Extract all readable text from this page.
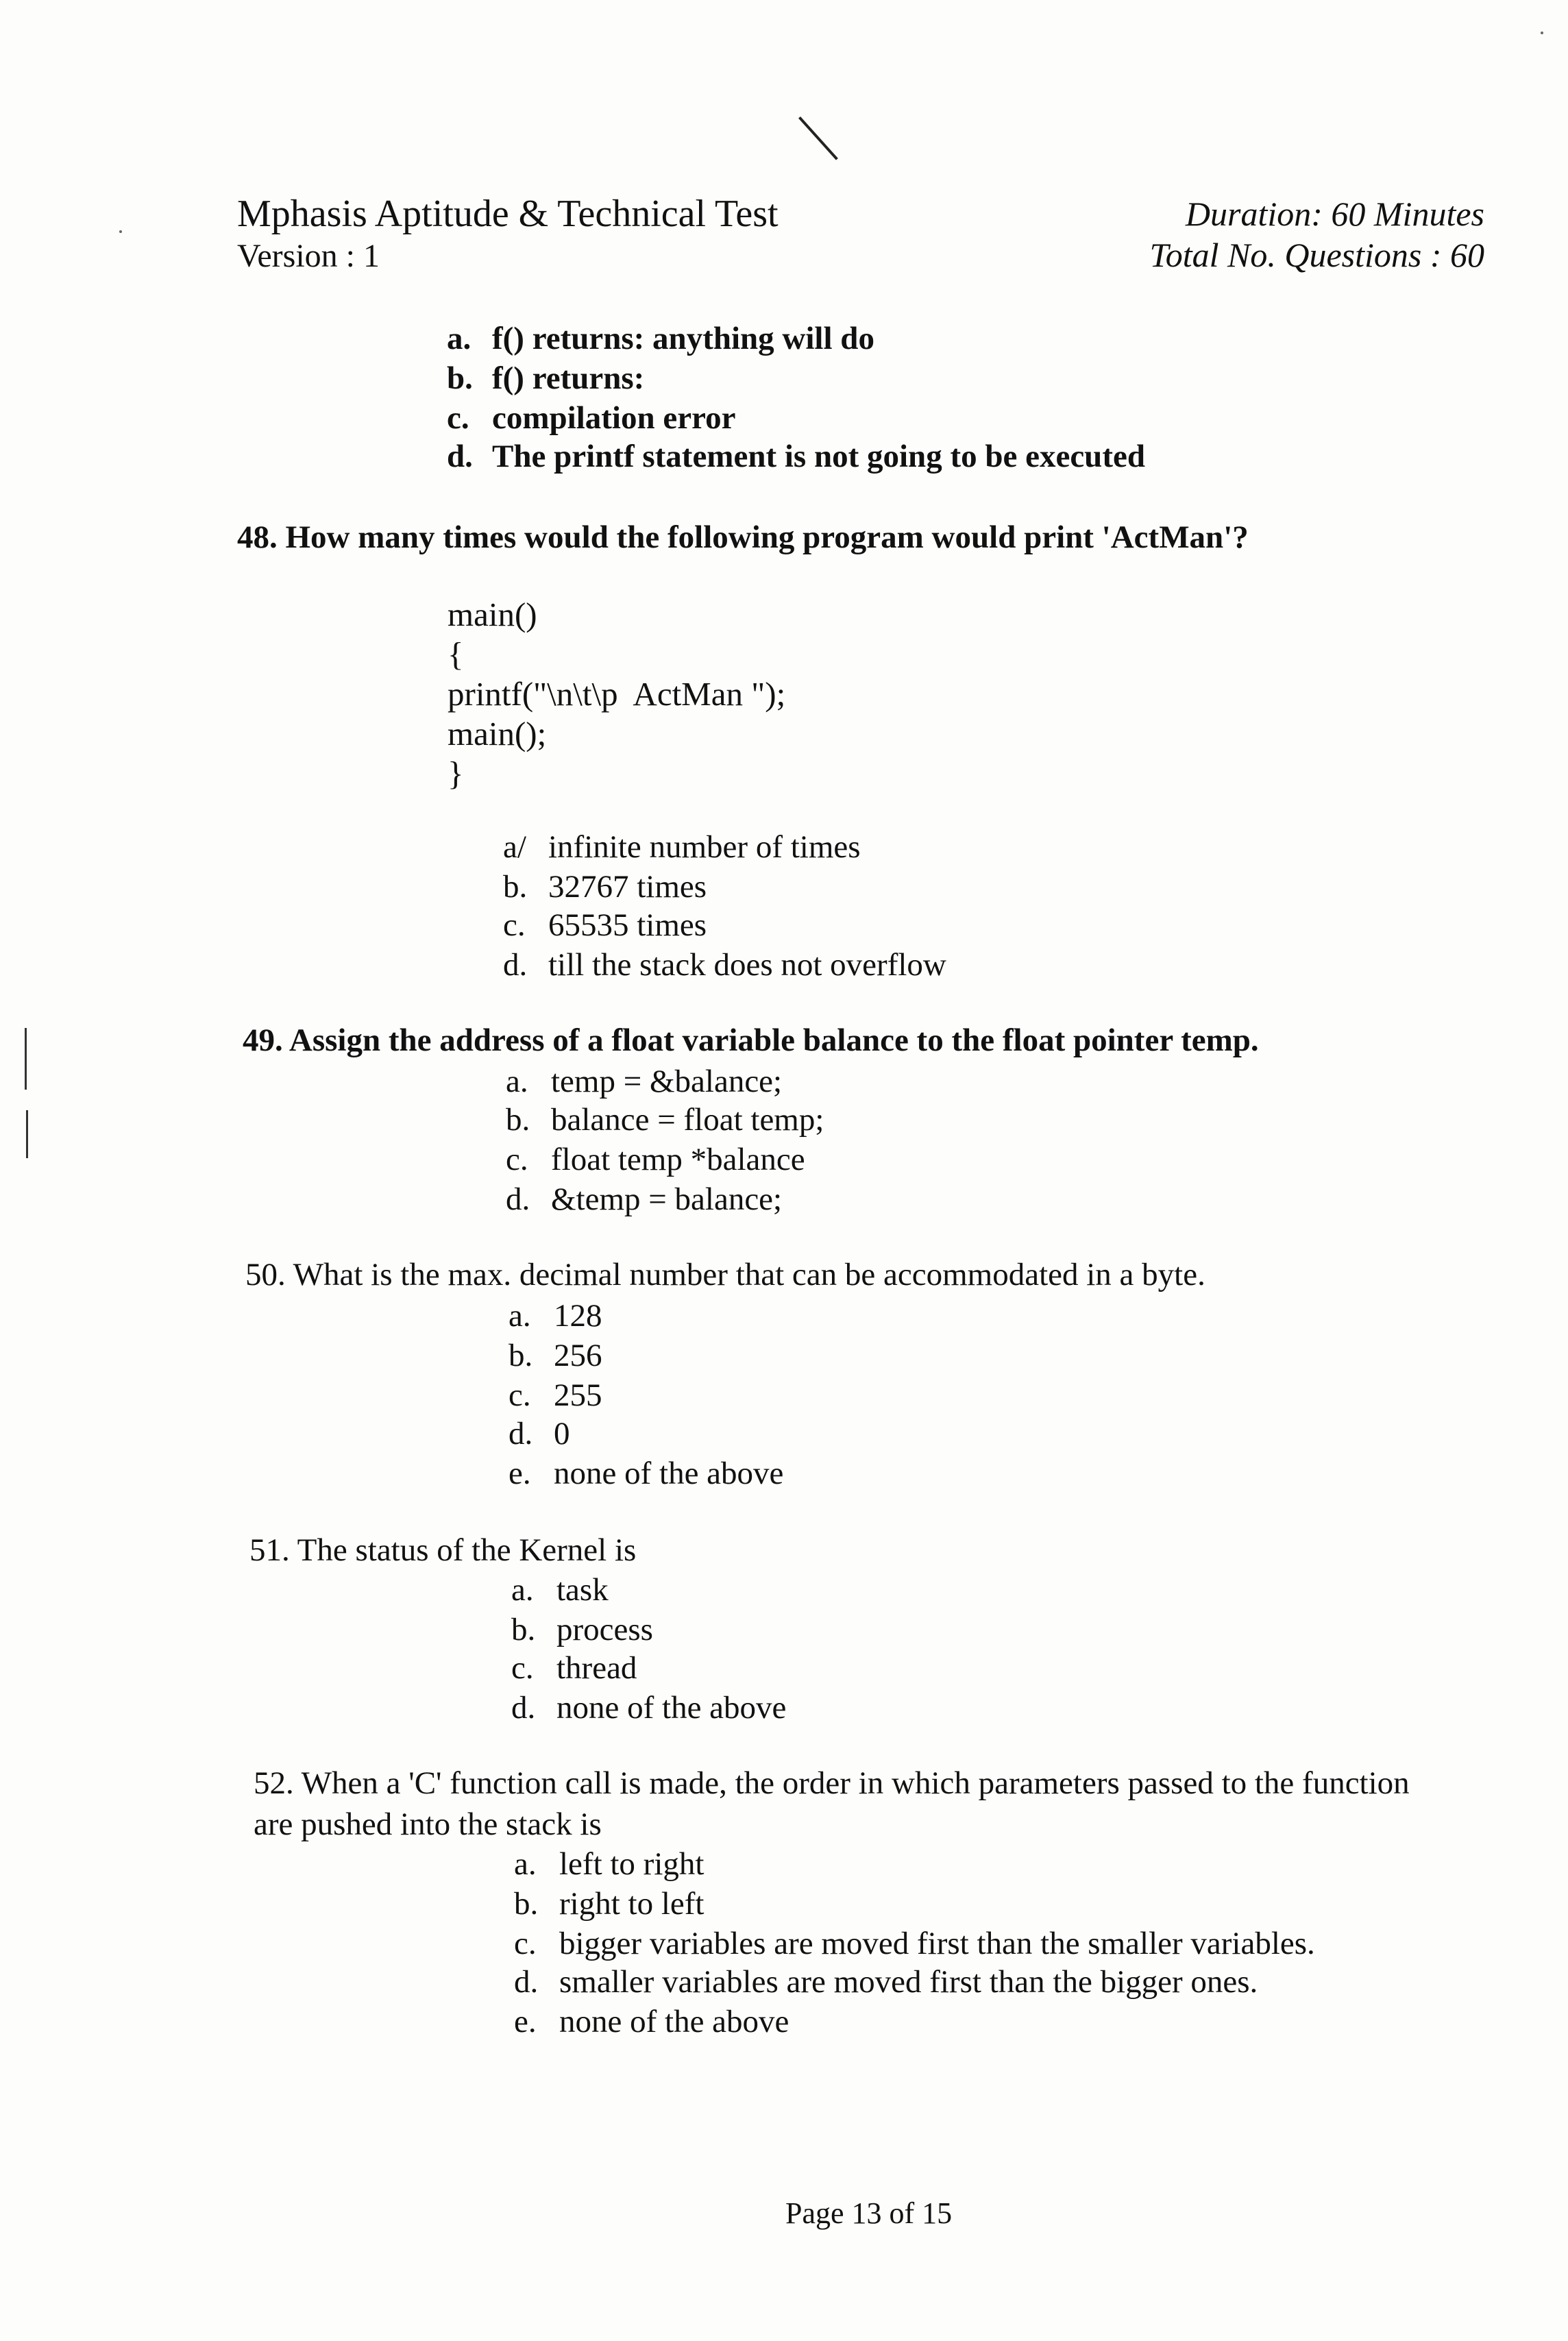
Mphasis Aptitude & Technical Test
Version : 1
Duration: 60 Minutes
Total No. Questions : 60
a. f() returns: anything will do
b. f() returns:
c. compilation error
d. The printf statement is not going to be executed
48. How many times would the following program would print 'ActMan'?
main()
{
printf("\n\t\p  ActMan ");
main();
}
a/ infinite number of times
b. 32767 times
c. 65535 times
d. till the stack does not overflow
49. Assign the address of a float variable balance to the float pointer temp.
a. temp = &balance;
b. balance = float temp;
c. float temp *balance
d. &temp = balance;
50. What is the max. decimal number that can be accommodated in a byte.
a. 128
b. 256
c. 255
d. 0
e. none of the above
51. The status of the Kernel is
a. task
b. process
c. thread
d. none of the above
52. When a 'C' function call is made, the order in which parameters passed to the function
are pushed into the stack is
a. left to right
b. right to left
c. bigger variables are moved first than the smaller variables.
d. smaller variables are moved first than the bigger ones.
e. none of the above
Page 13 of 15
